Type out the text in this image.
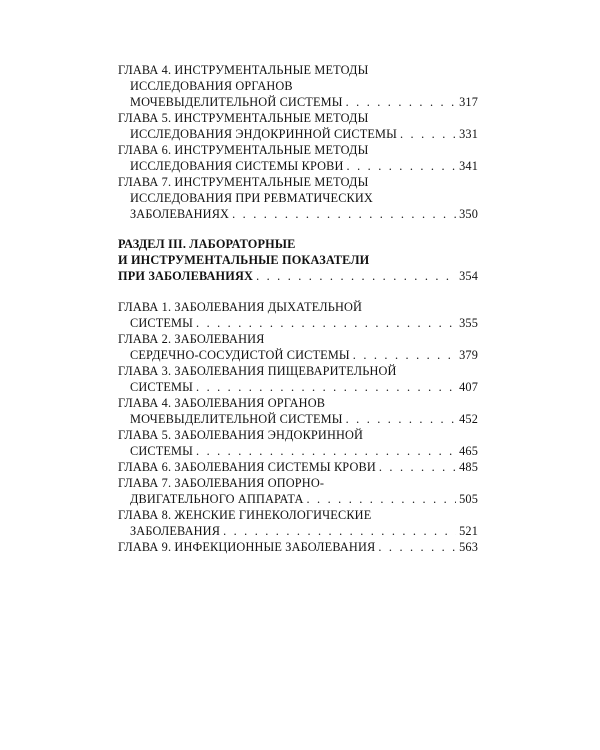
ГЛАВА 4. ИНСТРУМЕНТАЛЬНЫЕ МЕТОДЫ
ИССЛЕДОВАНИЯ ОРГАНОВ
МОЧЕВЫДЕЛИТЕЛЬНОЙ СИСТЕМЫ . . .	317
ГЛАВА 5. ИНСТРУМЕНТАЛЬНЫЕ МЕТОДЫ
ИССЛЕДОВАНИЯ ЭНДОКРИННОЙ СИСТЕМЫ . . .	331
ГЛАВА 6. ИНСТРУМЕНТАЛЬНЫЕ МЕТОДЫ
ИССЛЕДОВАНИЯ СИСТЕМЫ КРОВИ . . .	341
ГЛАВА 7. ИНСТРУМЕНТАЛЬНЫЕ МЕТОДЫ
ИССЛЕДОВАНИЯ ПРИ РЕВМАТИЧЕСКИХ
ЗАБОЛЕВАНИЯХ . . .	350
РАЗДЕЛ III. ЛАБОРАТОРНЫЕ
И ИНСТРУМЕНТАЛЬНЫЕ ПОКАЗАТЕЛИ
ПРИ ЗАБОЛЕВАНИЯХ . . .	354
ГЛАВА 1. ЗАБОЛЕВАНИЯ ДЫХАТЕЛЬНОЙ
СИСТЕМЫ . . .	355
ГЛАВА 2. ЗАБОЛЕВАНИЯ
СЕРДЕЧНО-СОСУДИСТОЙ СИСТЕМЫ . . .	379
ГЛАВА 3. ЗАБОЛЕВАНИЯ ПИЩЕВАРИТЕЛЬНОЙ
СИСТЕМЫ . . .	407
ГЛАВА 4. ЗАБОЛЕВАНИЯ ОРГАНОВ
МОЧЕВЫДЕЛИТЕЛЬНОЙ СИСТЕМЫ . . .	452
ГЛАВА 5. ЗАБОЛЕВАНИЯ ЭНДОКРИННОЙ
СИСТЕМЫ . . .	465
ГЛАВА 6. ЗАБОЛЕВАНИЯ СИСТЕМЫ КРОВИ . . .	485
ГЛАВА 7. ЗАБОЛЕВАНИЯ ОПОРНО-
ДВИГАТЕЛЬНОГО АППАРАТА . . .	505
ГЛАВА 8. ЖЕНСКИЕ ГИНЕКОЛОГИЧЕСКИЕ
ЗАБОЛЕВАНИЯ . . .	521
ГЛАВА 9. ИНФЕКЦИОННЫЕ ЗАБОЛЕВАНИЯ . . .	563
